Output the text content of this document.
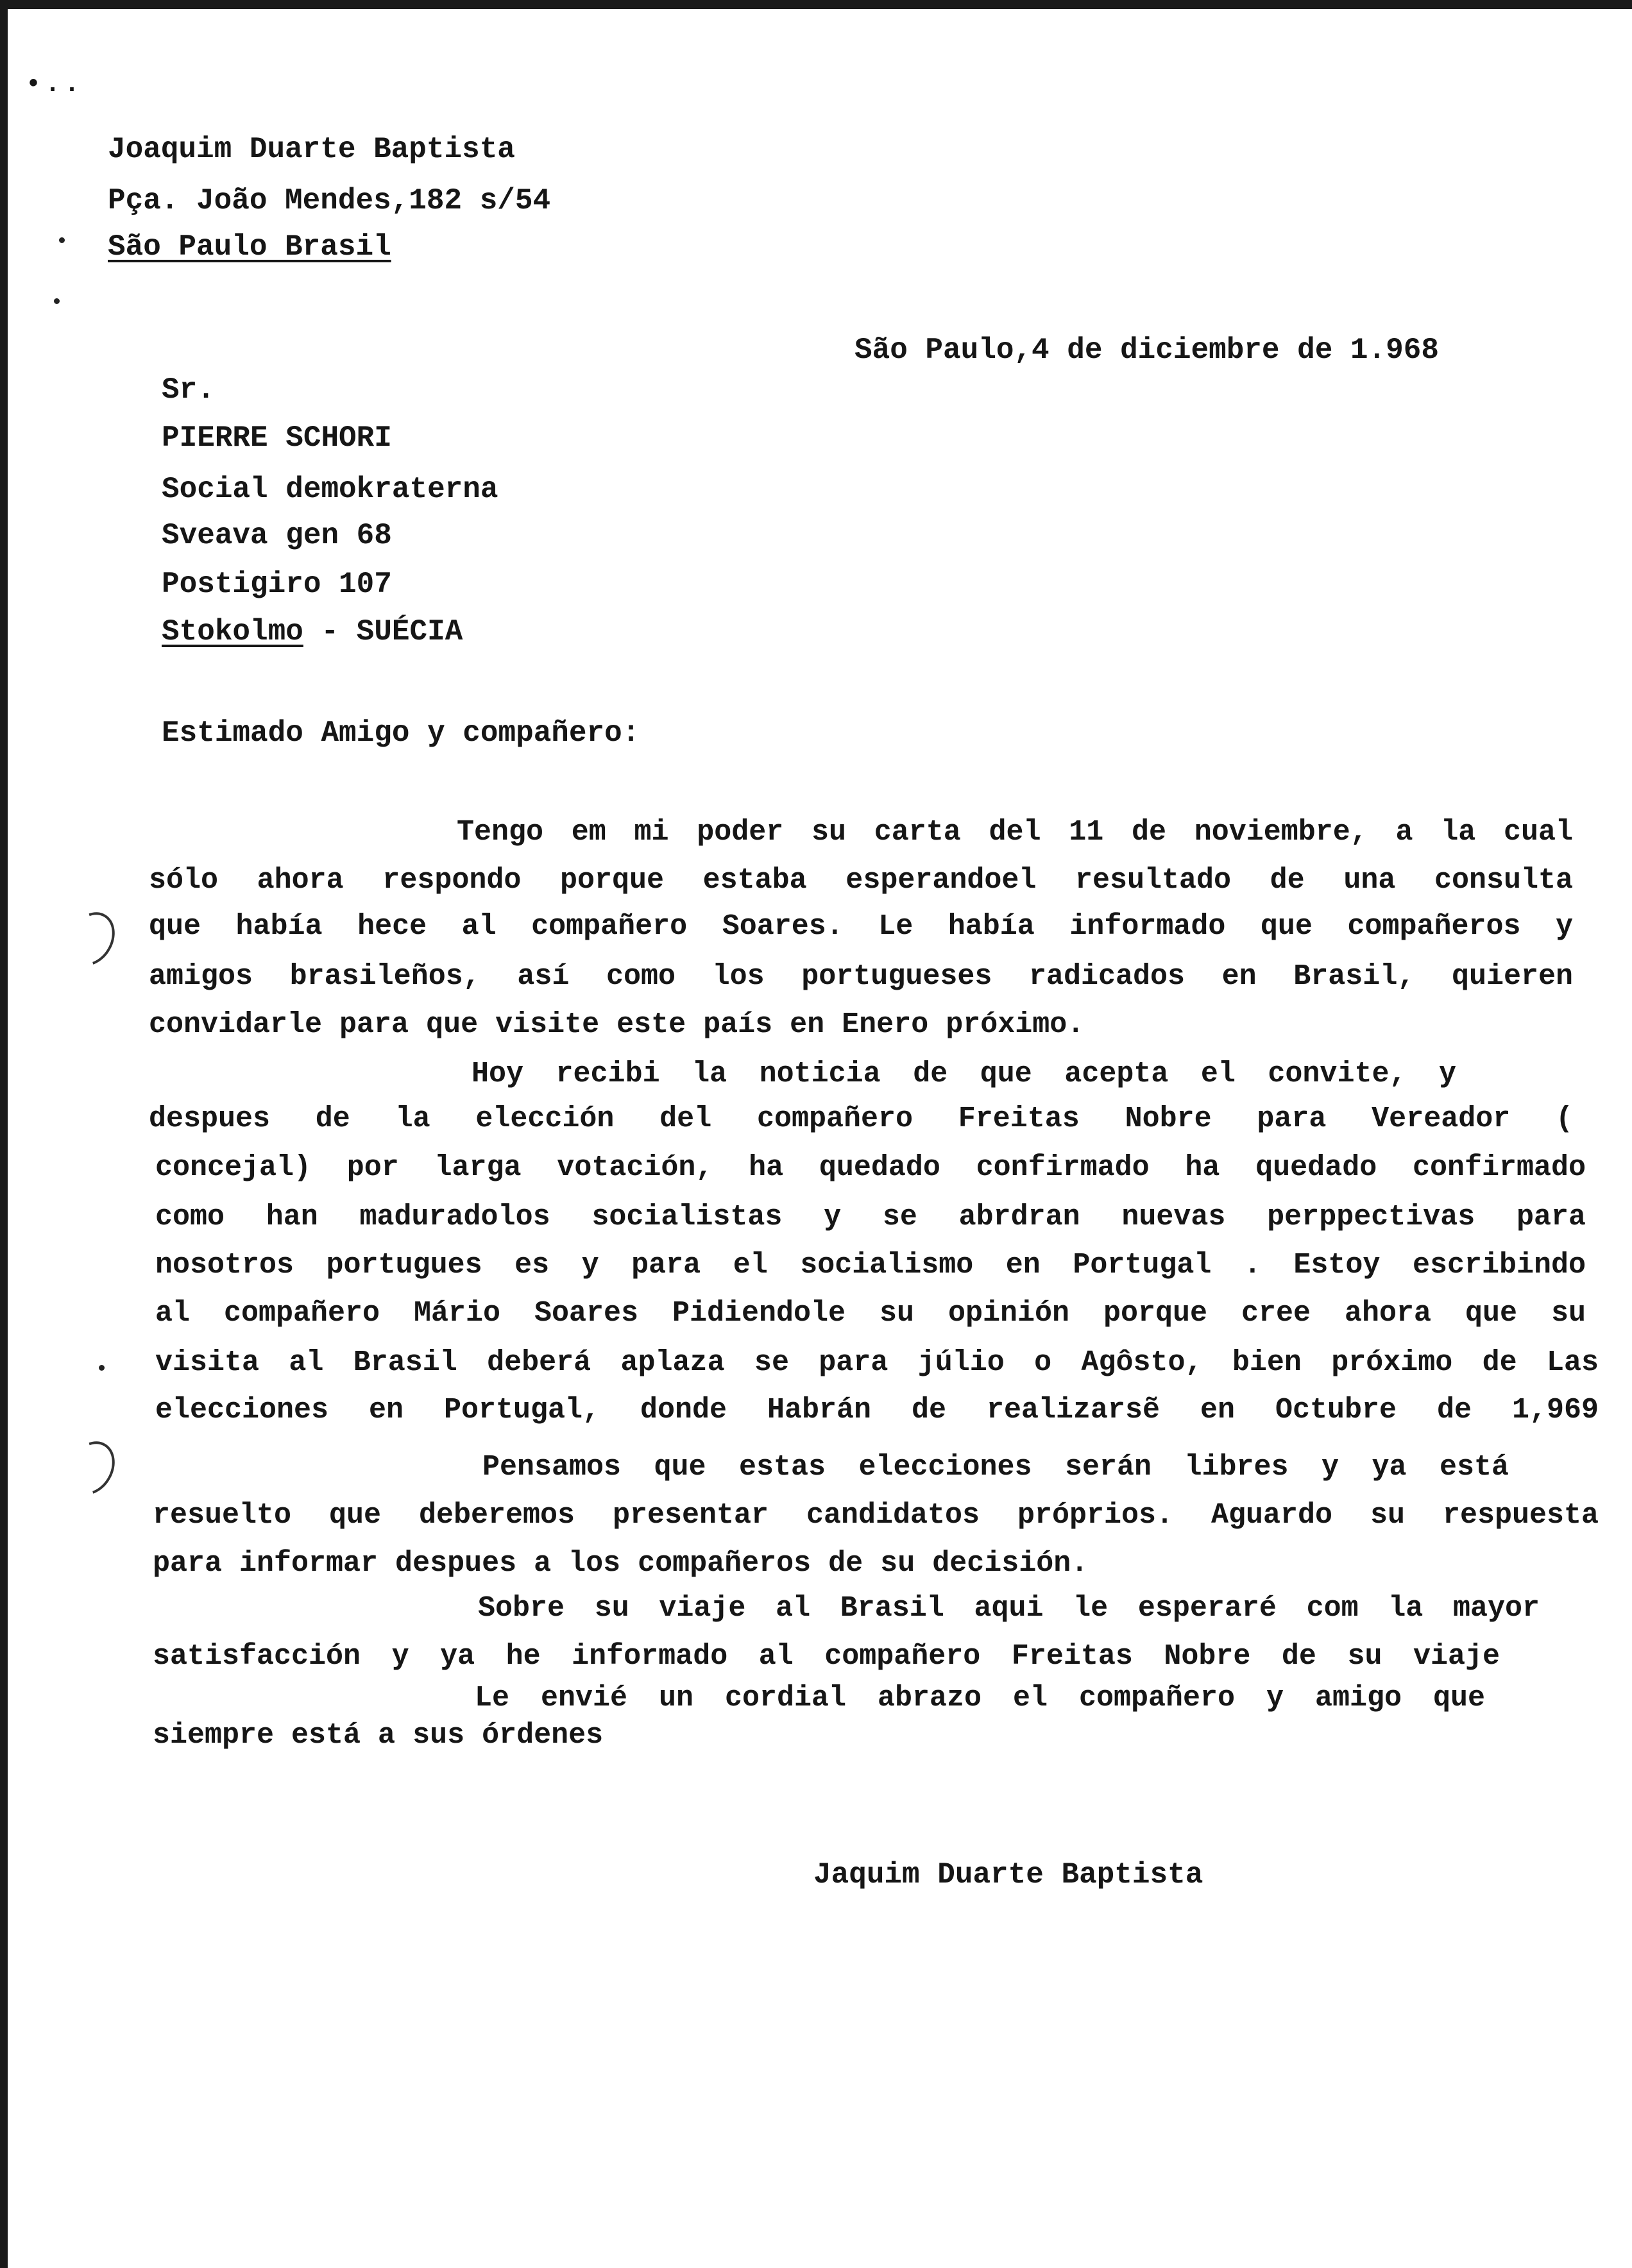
•..
Joaquim Duarte Baptista
Pça. João Mendes,182 s/54
São Paulo Brasil
São Paulo,4 de diciembre de 1.968
Sr.
PIERRE SCHORI
Social demokraterna
Sveava gen 68
Postigiro 107
Stokolmo - SUÉCIA
Estimado Amigo y compañero:
Tengo em mi poder su carta del 11 de noviembre, a la cual
sólo ahora respondo porque estaba esperandoel resultado de una consulta
que había hece al compañero Soares. Le había informado que compañeros y
amigos brasileños, así como los portugueses radicados en Brasil, quieren
convidarle para que visite este país en Enero próximo.
Hoy recibi la noticia de que acepta el convite, y
despues de la elección del compañero Freitas Nobre para Vereador (
concejal) por larga votación, ha quedado confirmado ha quedado confirmado
como han maduradolos socialistas y se abrdran nuevas perppectivas para
nosotros portugues es y para el socialismo en Portugal . Estoy escribindo
al compañero Mário Soares Pidiendole su opinión porque cree ahora que su
visita al Brasil deberá aplaza se para júlio o Agôsto, bien próximo de Las
elecciones en Portugal, donde Habrán de realizarsẽ en Octubre de 1,969
Pensamos que estas elecciones serán libres y ya está
resuelto que deberemos presentar candidatos próprios. Aguardo su respuesta
para informar despues a los compañeros de su decisión.
Sobre su viaje al Brasil aqui le esperaré com la mayor
satisfacción y ya he informado al compañero Freitas Nobre de su viaje
Le envié un cordial abrazo el compañero y amigo que
siempre está a sus órdenes
Jaquim Duarte Baptista
